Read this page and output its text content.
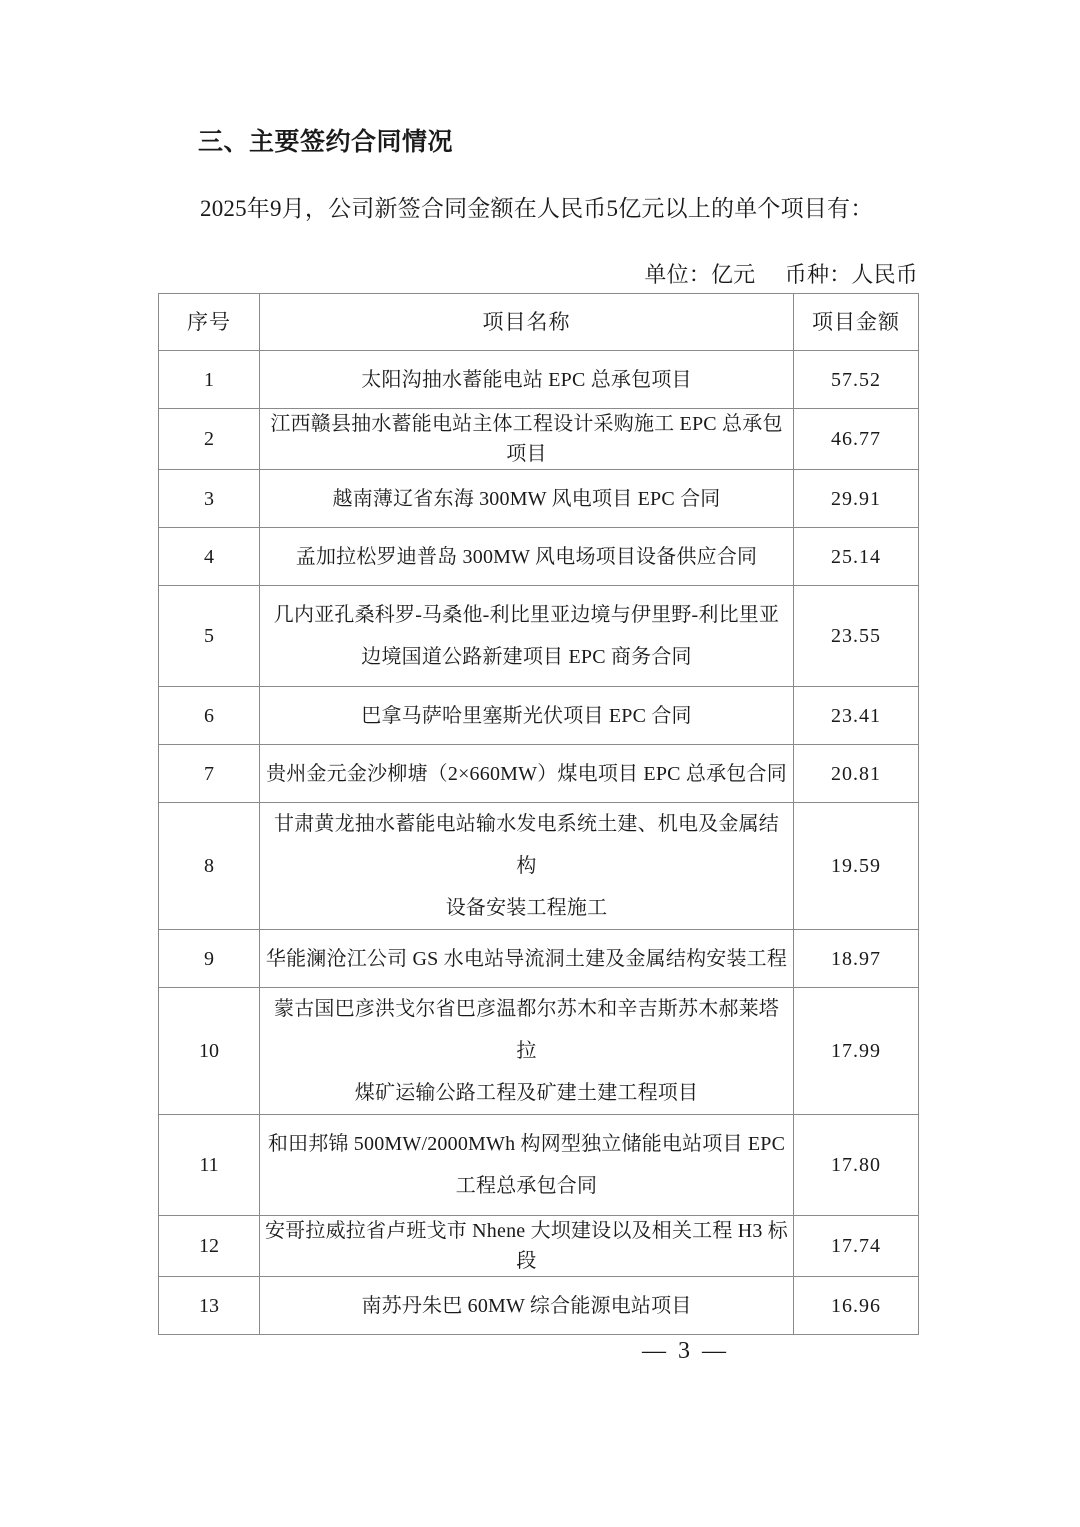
三、主要签约合同情况
2025年9月，公司新签合同金额在人民币5亿元以上的单个项目有：
单位：亿元 币种：人民币
序号	项目名称	项目金额
1	太阳沟抽水蓄能电站 EPC 总承包项目	57.52
2	江西赣县抽水蓄能电站主体工程设计采购施工 EPC 总承包项目	46.77
3	越南薄辽省东海 300MW 风电项目 EPC 合同	29.91
4	孟加拉松罗迪普岛 300MW 风电场项目设备供应合同	25.14
5	几内亚孔桑科罗-马桑他-利比里亚边境与伊里野-利比里亚
边境国道公路新建项目 EPC 商务合同	23.55
6	巴拿马萨哈里塞斯光伏项目 EPC 合同	23.41
7	贵州金元金沙柳塘（2×660MW）煤电项目 EPC 总承包合同	20.81
8	甘肃黄龙抽水蓄能电站输水发电系统土建、机电及金属结构
设备安装工程施工	19.59
9	华能澜沧江公司 GS 水电站导流洞土建及金属结构安装工程	18.97
10	蒙古国巴彦洪戈尔省巴彦温都尔苏木和辛吉斯苏木郝莱塔拉
煤矿运输公路工程及矿建土建工程项目	17.99
11	和田邦锦 500MW/2000MWh 构网型独立储能电站项目 EPC
工程总承包合同	17.80
12	安哥拉威拉省卢班戈市 Nhene 大坝建设以及相关工程 H3 标段	17.74
13	南苏丹朱巴 60MW 综合能源电站项目	16.96
— 3 —
